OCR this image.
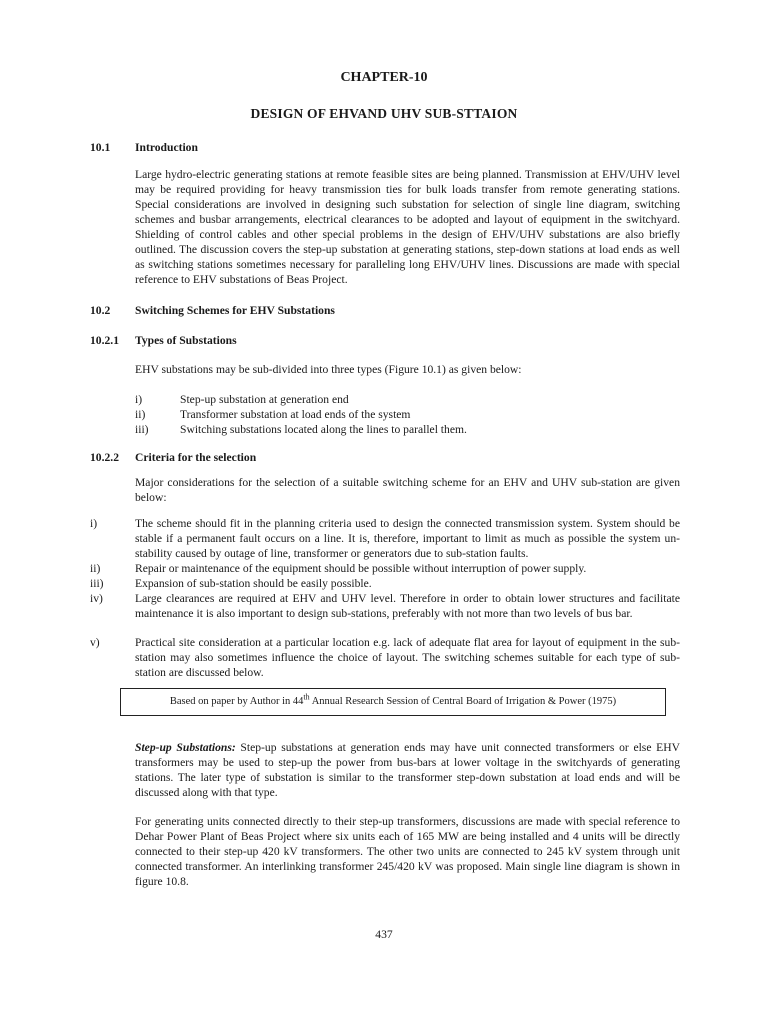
CHAPTER-10
DESIGN OF EHVAND UHV SUB-STTAION
10.1 Introduction

Large hydro-electric generating stations at remote feasible sites are being planned. Transmission at EHV/UHV level may be required providing for heavy transmission ties for bulk loads transfer from remote generating stations. Special considerations are involved in designing such substation for selection of single line diagram, switching schemes and busbar arrangements, electrical clearances to be adopted and layout of equipment in the switchyard. Shielding of control cables and other special problems in the design of EHV/UHV substations are also briefly outlined. The discussion covers the step-up substation at generating stations, step-down stations at load ends as well as switching stations sometimes necessary for paralleling long EHV/UHV lines. Discussions are made with special reference to EHV substations of Beas Project.

10.2 Switching Schemes for EHV Substations
10.2.1 Types of Substations

EHV substations may be sub-divided into three types (Figure 10.1) as given below:

i)	Step-up substation at generation end
ii)	Transformer substation at load ends of the system
iii)	Switching substations located along the lines to parallel them.
10.2.2 Criteria for the selection

Major considerations for the selection of a suitable switching scheme for an EHV and UHV sub-station are given below:

i)	The scheme should fit in the planning criteria used to design the connected transmission system. System should be stable if a permanent fault occurs on a line. It is, therefore, important to limit as much as possible the system un-stability caused by outage of line, transformer or generators due to sub-station faults.

ii)	Repair or maintenance of the equipment should be possible without interruption of power supply.

iii)	Expansion of sub-station should be easily possible.

iv)	Large clearances are required at EHV and UHV level. Therefore in order to obtain lower structures and facilitate maintenance it is also important to design sub-stations, preferably with not more than two levels of bus bar.

v)	Practical site consideration at a particular location e.g. lack of adequate flat area for layout of equipment in the sub-station may also sometimes influence the choice of layout. The switching schemes suitable for each type of sub-station are discussed below.

Based on paper by Author in 44th Annual Research Session of Central Board of Irrigation & Power (1975)

Step-up Substations: Step-up substations at generation ends may have unit connected transformers or else EHV transformers may be used to step-up the power from bus-bars at lower voltage in the switchyards of generating stations. The later type of substation is similar to the transformer step-down substation at load ends and will be discussed along with that type.

For generating units connected directly to their step-up transformers, discussions are made with special reference to Dehar Power Plant of Beas Project where six units each of 165 MW are being installed and 4 units will be directly connected to their step-up 420 kV transformers. The other two units are connected to 245 kV system through unit connected transformer. An interlinking transformer 245/420 kV was proposed. Main single line diagram is shown in figure 10.8.

437
